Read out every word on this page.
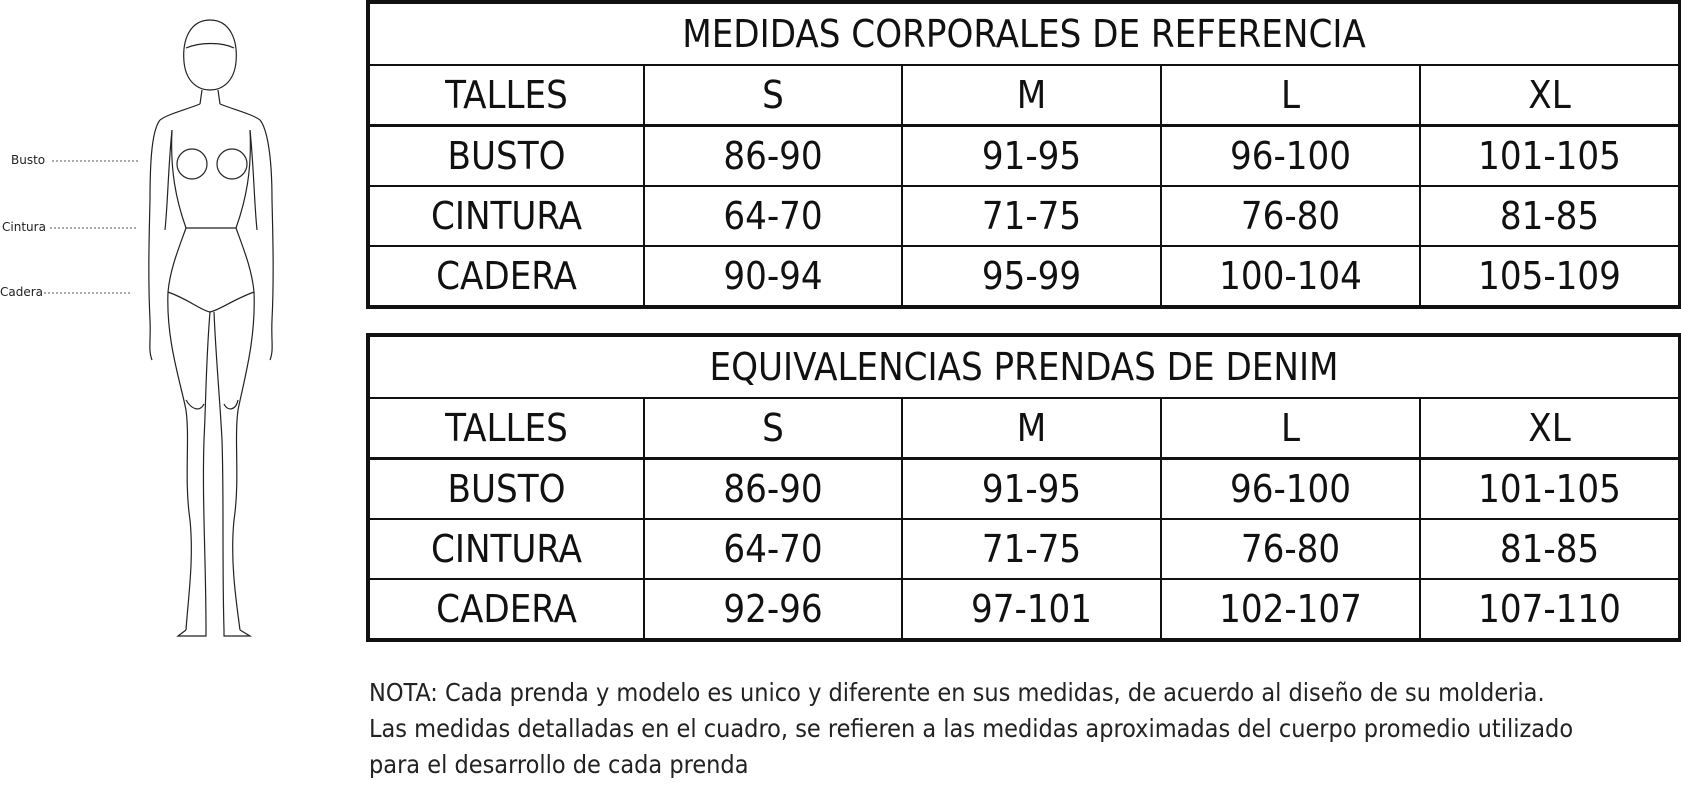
Busto
Cintura
Cadera
MEDIDAS CORPORALES DE REFERENCIA				
TALLES	S	M	L	XL
BUSTO	86-90	91-95	96-100	101-105
CINTURA	64-70	71-75	76-80	81-85
CADERA	90-94	95-99	100-104	105-109
EQUIVALENCIAS PRENDAS DE DENIM				
TALLES	S	M	L	XL
BUSTO	86-90	91-95	96-100	101-105
CINTURA	64-70	71-75	76-80	81-85
CADERA	92-96	97-101	102-107	107-110
NOTA: Cada prenda y modelo es unico y diferente en sus medidas, de acuerdo al diseño de su molderia.
Las medidas detalladas en el cuadro, se refieren a las medidas aproximadas del cuerpo promedio utilizado
para el desarrollo de cada prenda
